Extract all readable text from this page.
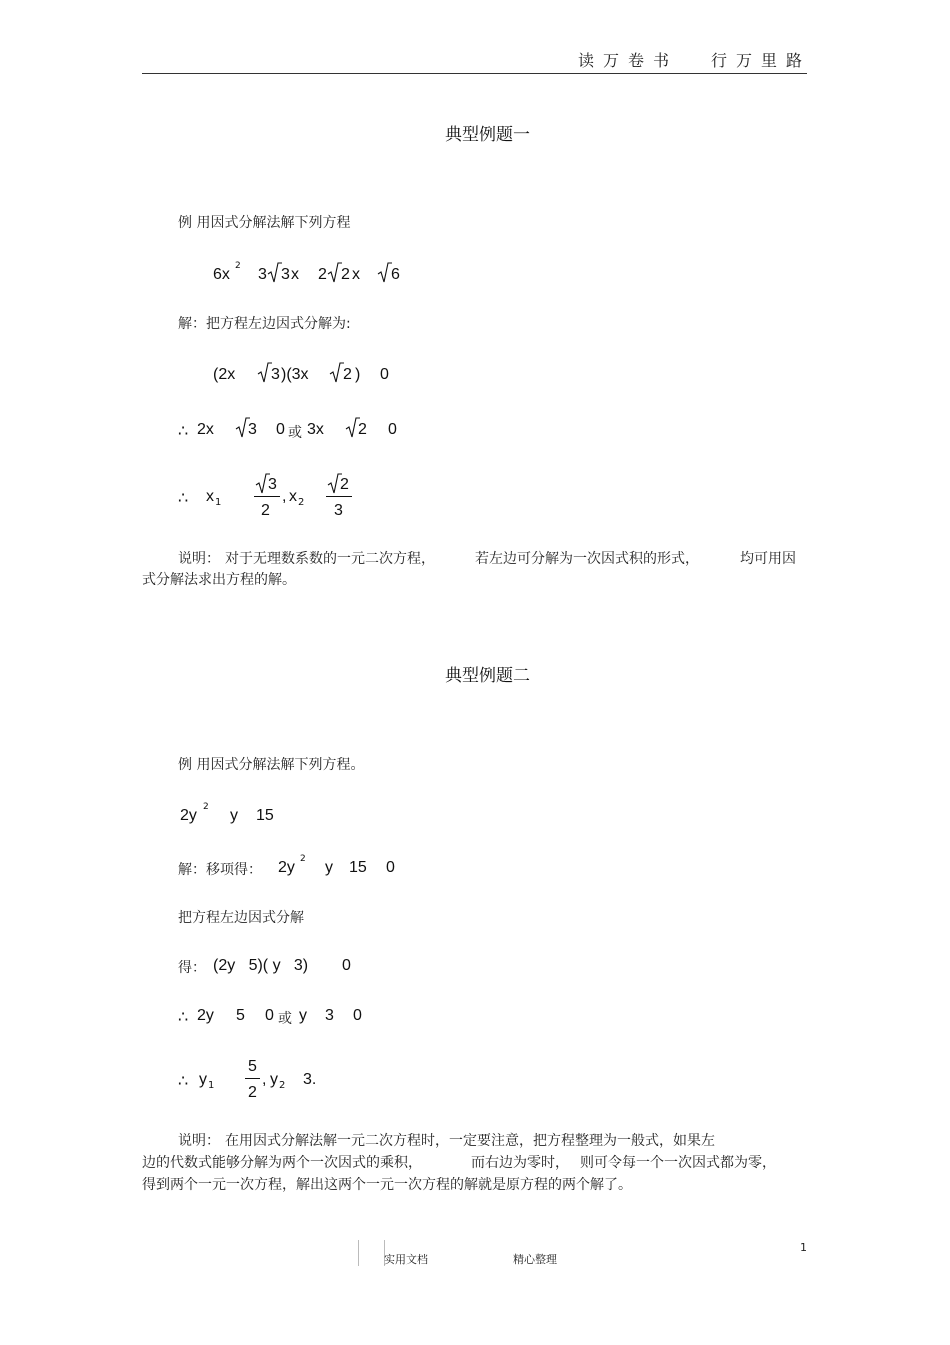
读万卷书 行万里路
典型例题一
例 用因式分解法解下列方程
6x 2 3 3 x 2 2 x 6
解：把方程左边因式分解为:
(2x 3 )(3x 2 ) 0
∴ 2x 3 0 或 3x 2 0
∴ x 1
3
2
, x 2
2
3
说明： 对于无理数系数的一元二次方程，	若左边可分解为一次因式积的形式，	均可用因
式分解法求出方程的解。
典型例题二
例 用因式分解法解下列方程。
2y 2 y 15
解：移项得： 2y 2 y 15 0
把方程左边因式分解
得： (2y   5)( y   3) 0
∴ 2y 5 0 或 y 3 0
∴ y 1
5
2
, y 2 3.
说明： 在用因式分解法解一元二次方程时，一定要注意，把方程整理为一般式，如果左
边的代数式能够分解为两个一次因式的乘积，	而右边为零时， 则可令每一个一次因式都为零，
得到两个一元一次方程，解出这两个一元一次方程的解就是原方程的两个解了。
实用文档	精心整理
1
